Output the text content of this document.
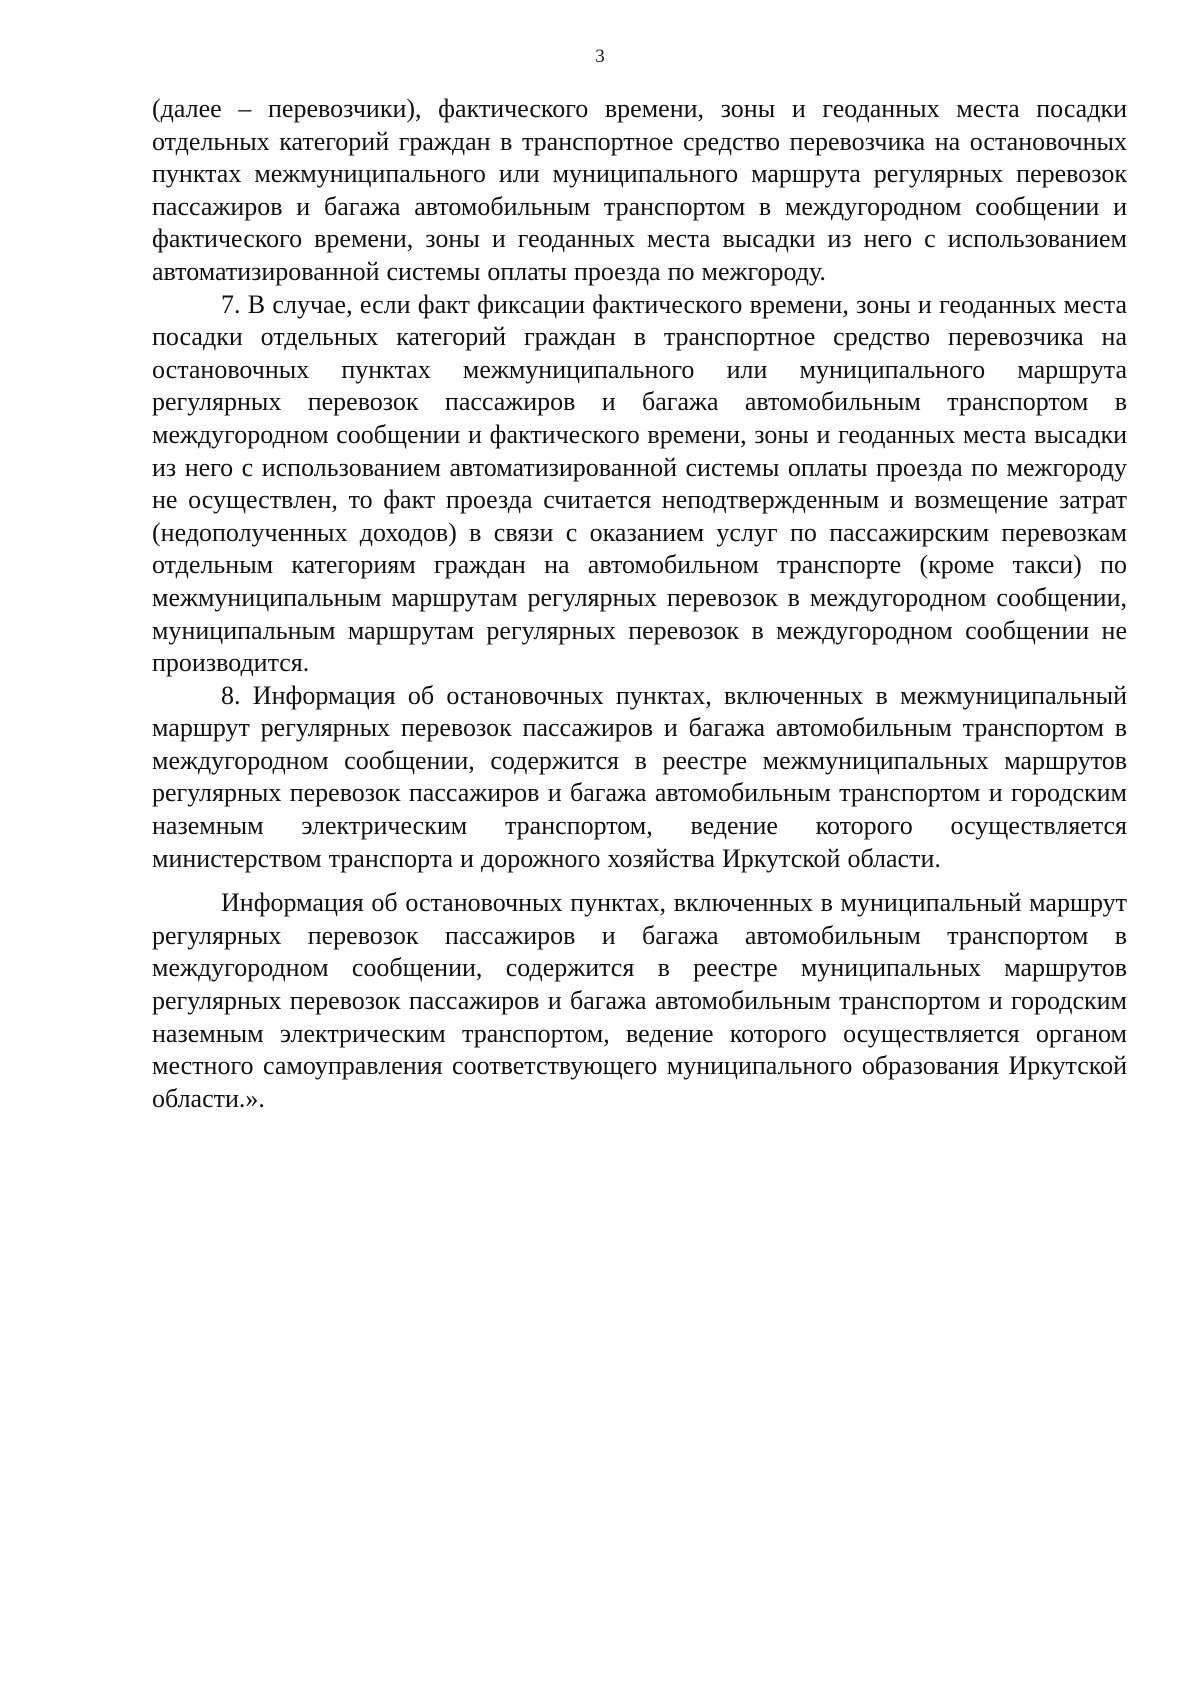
3

(далее – перевозчики), фактического времени, зоны и геоданных места посадки отдельных категорий граждан в транспортное средство перевозчика на остановочных пунктах межмуниципального или муниципального маршрута регулярных перевозок пассажиров и багажа автомобильным транспортом в междугородном сообщении и фактического времени, зоны и геоданных места высадки из него с использованием автоматизированной системы оплаты проезда по межгороду.

7. В случае, если факт фиксации фактического времени, зоны и геоданных места посадки отдельных категорий граждан в транспортное средство перевозчика на остановочных пунктах межмуниципального или муниципального маршрута регулярных перевозок пассажиров и багажа автомобильным транспортом в междугородном сообщении и фактического времени, зоны и геоданных места высадки из него с использованием автоматизированной системы оплаты проезда по межгороду не осуществлен, то факт проезда считается неподтвержденным и возмещение затрат (недополученных доходов) в связи с оказанием услуг по пассажирским перевозкам отдельным категориям граждан на автомобильном транспорте (кроме такси) по межмуниципальным маршрутам регулярных перевозок в междугородном сообщении, муниципальным маршрутам регулярных перевозок в междугородном сообщении не производится.

8. Информация об остановочных пунктах, включенных в межмуниципальный маршрут регулярных перевозок пассажиров и багажа автомобильным транспортом в междугородном сообщении, содержится в реестре межмуниципальных маршрутов регулярных перевозок пассажиров и багажа автомобильным транспортом и городским наземным электрическим транспортом, ведение которого осуществляется министерством транспорта и дорожного хозяйства Иркутской области.

Информация об остановочных пунктах, включенных в муниципальный маршрут регулярных перевозок пассажиров и багажа автомобильным транспортом в междугородном сообщении, содержится в реестре муниципальных маршрутов регулярных перевозок пассажиров и багажа автомобильным транспортом и городским наземным электрическим транспортом, ведение которого осуществляется органом местного самоуправления соответствующего муниципального образования Иркутской области.».
